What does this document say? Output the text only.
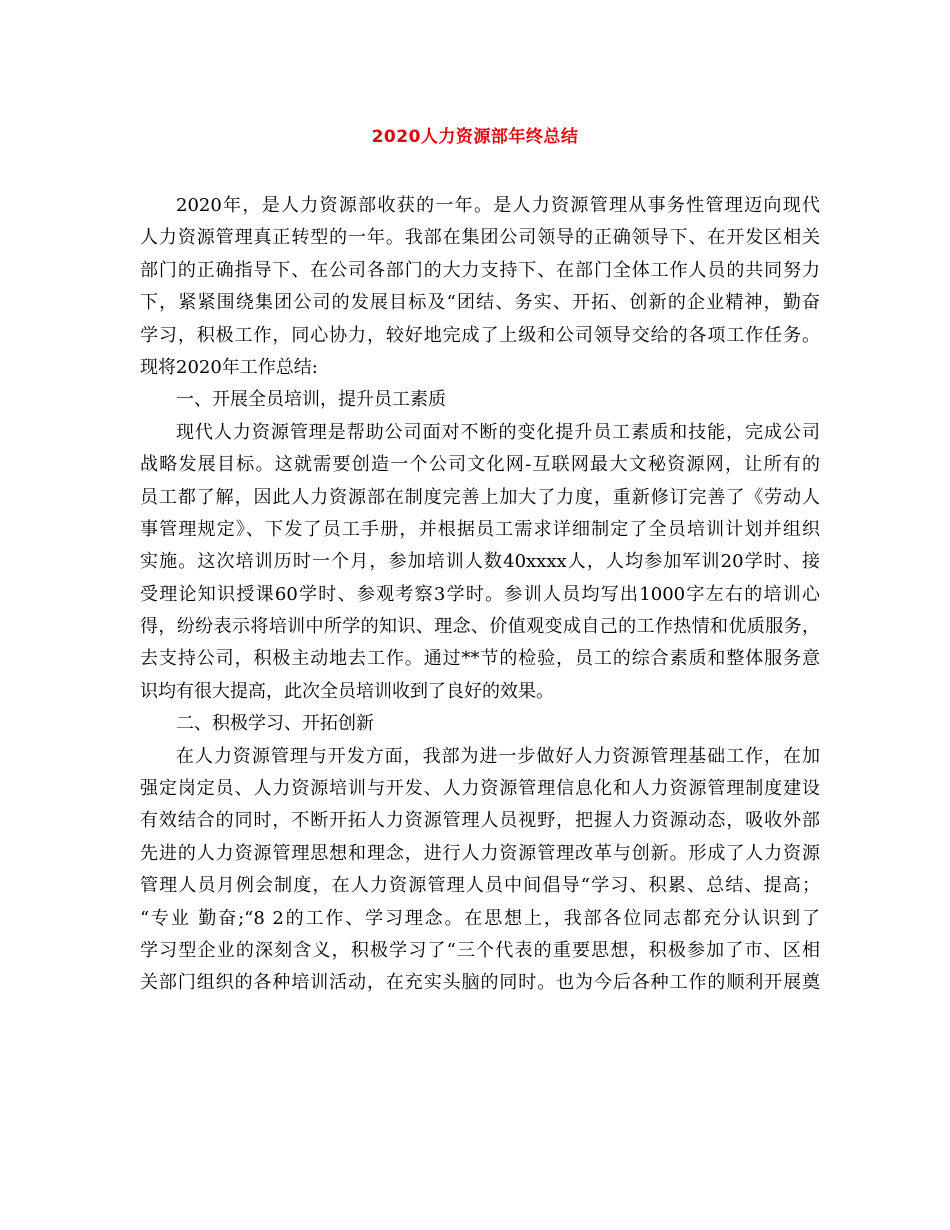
2020人力资源部年终总结
2020年，是人力资源部收获的一年。是人力资源管理从事务性管理迈向现代
人力资源管理真正转型的一年。我部在集团公司领导的正确领导下、在开发区相关
部门的正确指导下、在公司各部门的大力支持下、在部门全体工作人员的共同努力
下，紧紧围绕集团公司的发展目标及“团结、务实、开拓、创新的企业精神，勤奋
学习，积极工作，同心协力，较好地完成了上级和公司领导交给的各项工作任务。
现将2020年工作总结:
一、开展全员培训，提升员工素质
现代人力资源管理是帮助公司面对不断的变化提升员工素质和技能，完成公司
战略发展目标。这就需要创造一个公司文化网-互联网最大文秘资源网，让所有的
员工都了解，因此人力资源部在制度完善上加大了力度，重新修订完善了《劳动人
事管理规定》、下发了员工手册，并根据员工需求详细制定了全员培训计划并组织
实施。这次培训历时一个月，参加培训人数40xxxx人，人均参加军训20学时、接
受理论知识授课60学时、参观考察3学时。参训人员均写出1000字左右的培训心
得，纷纷表示将培训中所学的知识、理念、价值观变成自己的工作热情和优质服务，
去支持公司，积极主动地去工作。通过**节的检验，员工的综合素质和整体服务意
识均有很大提高，此次全员培训收到了良好的效果。
二、积极学习、开拓创新
在人力资源管理与开发方面，我部为进一步做好人力资源管理基础工作，在加
强定岗定员、人力资源培训与开发、人力资源管理信息化和人力资源管理制度建设
有效结合的同时，不断开拓人力资源管理人员视野，把握人力资源动态，吸收外部
先进的人力资源管理思想和理念，进行人力资源管理改革与创新。形成了人力资源
管理人员月例会制度，在人力资源管理人员中间倡导“学习、积累、总结、提高；
“专业 勤奋;“8 2的工作、学习理念。在思想上，我部各位同志都充分认识到了
学习型企业的深刻含义，积极学习了“三个代表的重要思想，积极参加了市、区相
关部门组织的各种培训活动，在充实头脑的同时。也为今后各种工作的顺利开展奠
